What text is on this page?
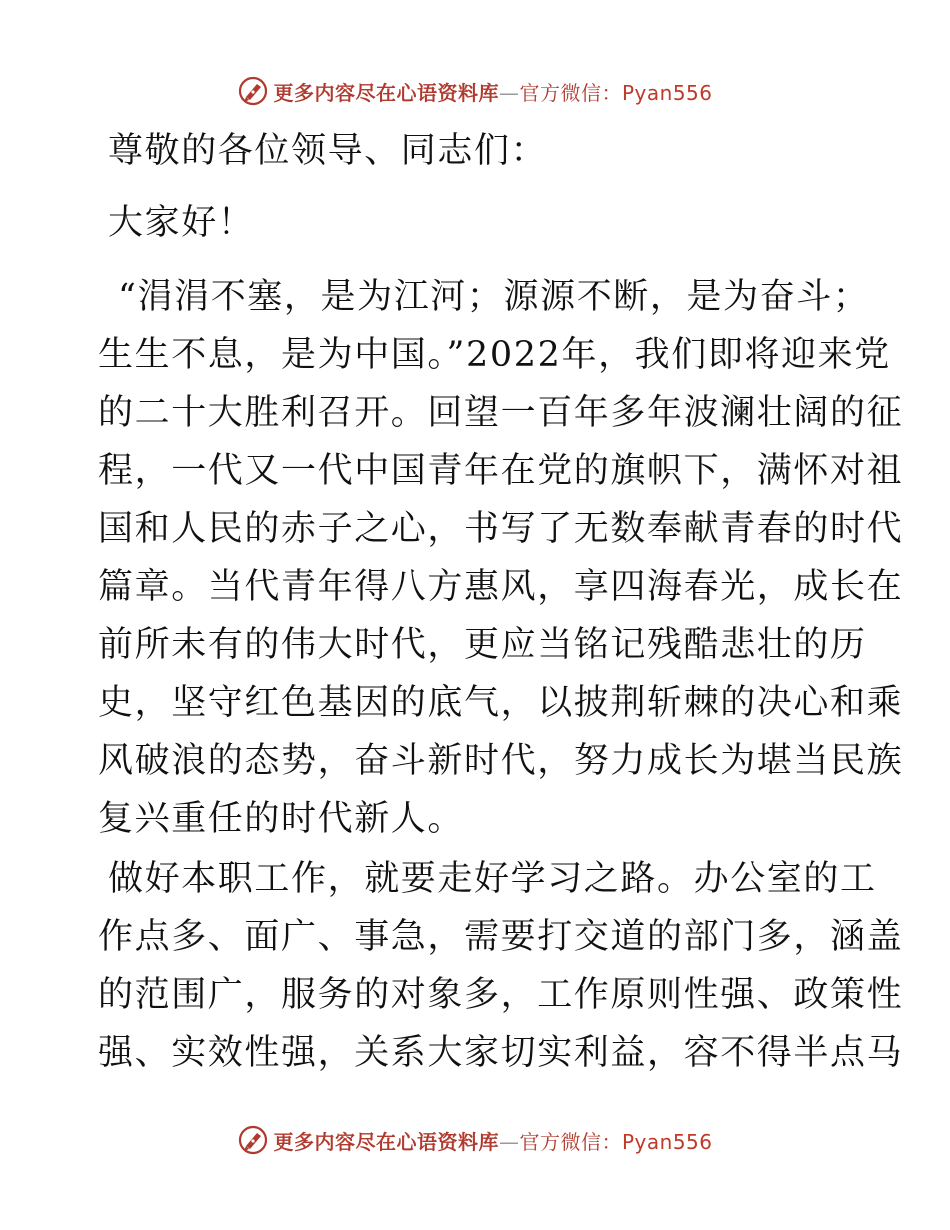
更多内容尽在心语资料库—官方微信：Pyan556

尊敬的各位领导、同志们：

大家好！

“涓涓不塞，是为江河；源源不断，是为奋斗；
生生不息，是为中国。”2022年，我们即将迎来党
的二十大胜利召开。回望一百年多年波澜壮阔的征
程，一代又一代中国青年在党的旗帜下，满怀对祖
国和人民的赤子之心，书写了无数奉献青春的时代
篇章。当代青年得八方惠风，享四海春光，成长在
前所未有的伟大时代，更应当铭记残酷悲壮的历
史，坚守红色基因的底气，以披荆斩棘的决心和乘
风破浪的态势，奋斗新时代，努力成长为堪当民族
复兴重任的时代新人。
做好本职工作，就要走好学习之路。办公室的工
作点多、面广、事急，需要打交道的部门多，涵盖
的范围广，服务的对象多，工作原则性强、政策性
强、实效性强，关系大家切实利益，容不得半点马
更多内容尽在心语资料库—官方微信：Pyan556
